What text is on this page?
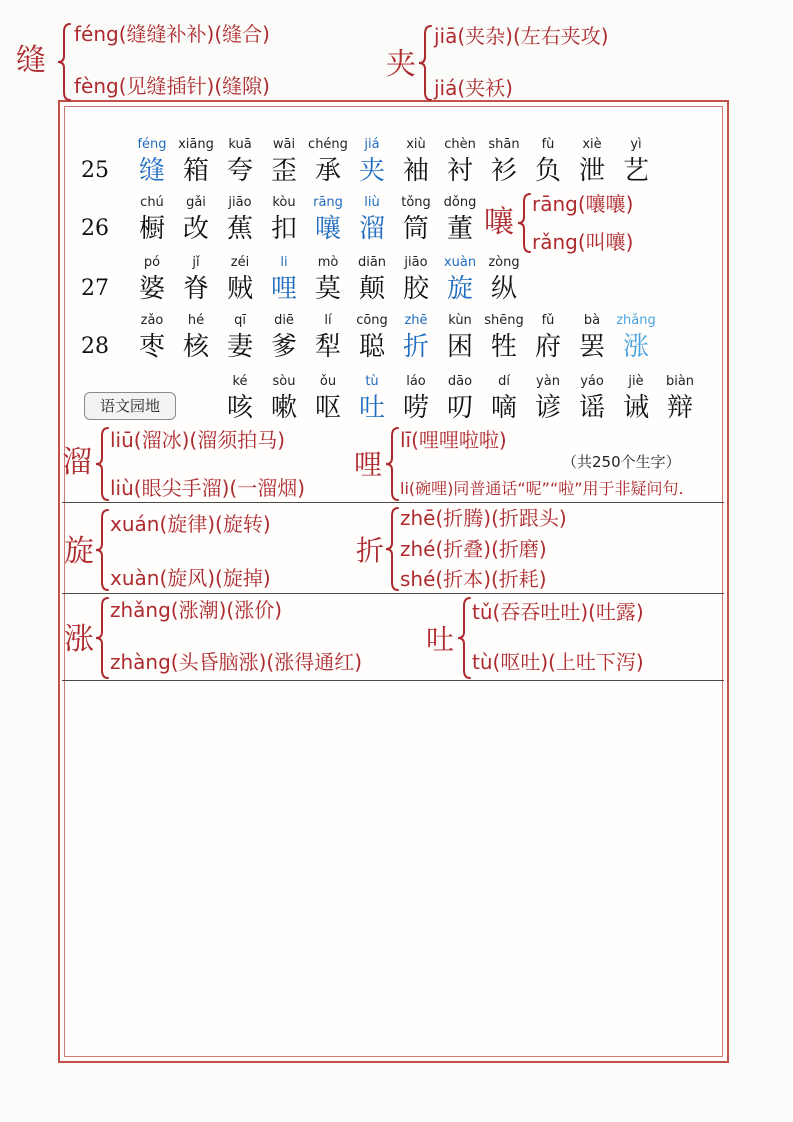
缝
féng(缝缝补补)(缝合)
fèng(见缝插针)(缝隙)
夹
jiā(夹杂)(左右夹攻)
jiá(夹袄)
语文园地
25
féng
缝
xiāng
箱
kuā
夸
wāi
歪
chéng
承
jiá
夹
xiù
袖
chèn
衬
shān
衫
fù
负
xiè
泄
yì
艺
26
chú
橱
gǎi
改
jiāo
蕉
kòu
扣
rāng
嚷
liù
溜
tǒng
筒
dǒng
董
27
pó
婆
jǐ
脊
zéi
贼
li
哩
mò
莫
diān
颠
jiāo
胶
xuàn
旋
zòng
纵
28
zǎo
枣
hé
核
qī
妻
diē
爹
lí
犁
cōng
聪
zhē
折
kùn
困
shēng
牲
fǔ
府
bà
罢
zhǎng
涨
ké
咳
sòu
嗽
ǒu
呕
tù
吐
láo
唠
dāo
叨
dí
嘀
yàn
谚
yáo
谣
jiè
诫
biàn
辩
嚷
rāng(嚷嚷)
rǎng(叫嚷)
（共250个生字）
溜
liū(溜冰)(溜须拍马)
liù(眼尖手溜)(一溜烟)
哩
lī(哩哩啦啦)
li(碗哩)同普通话“呢”“啦”用于非疑问句.
旋
xuán(旋律)(旋转)
xuàn(旋风)(旋掉)
折
zhē(折腾)(折跟头)
zhé(折叠)(折磨)
shé(折本)(折耗)
涨
zhǎng(涨潮)(涨价)
zhàng(头昏脑涨)(涨得通红)
吐
tǔ(吞吞吐吐)(吐露)
tù(呕吐)(上吐下泻)
